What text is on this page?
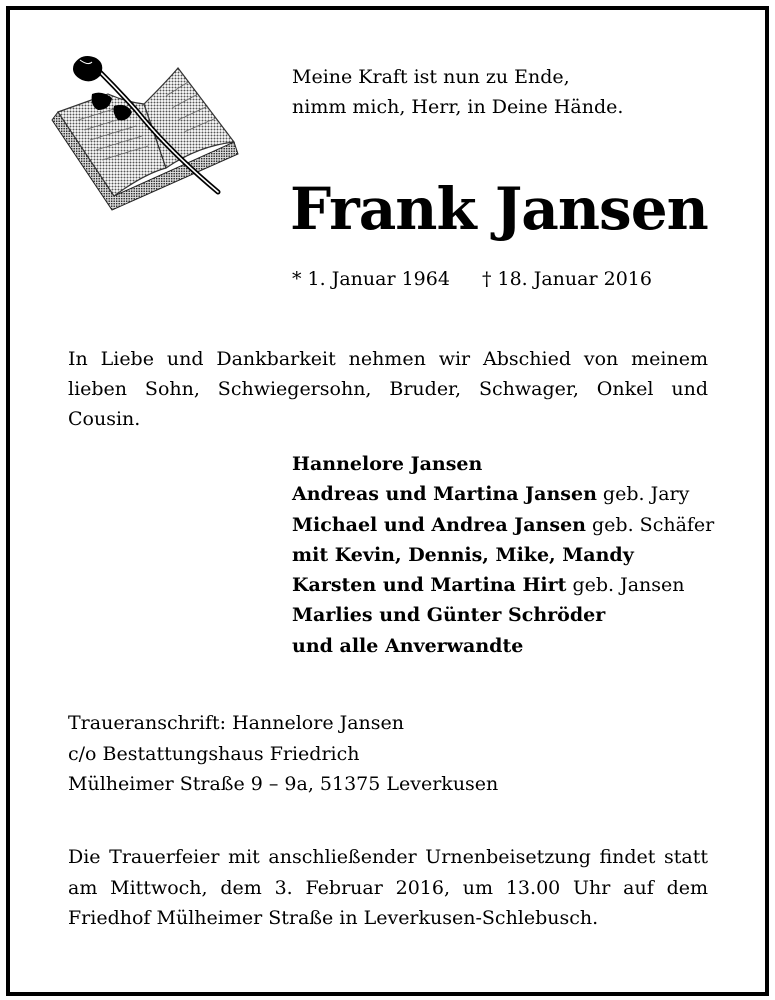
Meine Kraft ist nun zu Ende,
nimm mich, Herr, in Deine Hände.
Frank Jansen
* 1. Januar 1964 † 18. Januar 2016
In Liebe und Dankbarkeit nehmen wir Abschied von meinem
lieben Sohn, Schwiegersohn, Bruder, Schwager, Onkel und Cousin.
Hannelore Jansen
Andreas und Martina Jansen geb. Jary
Michael und Andrea Jansen geb. Schäfer
mit Kevin, Dennis, Mike, Mandy
Karsten und Martina Hirt geb. Jansen
Marlies und Günter Schröder
und alle Anverwandte
Traueranschrift: Hannelore Jansen
c/o Bestattungshaus Friedrich
Mülheimer Straße 9 – 9a, 51375 Leverkusen
Die Trauerfeier mit anschließender Urnenbeisetzung findet statt
am Mittwoch, dem 3. Februar 2016, um 13.00 Uhr auf dem
Friedhof Mülheimer Straße in Leverkusen-Schlebusch.
